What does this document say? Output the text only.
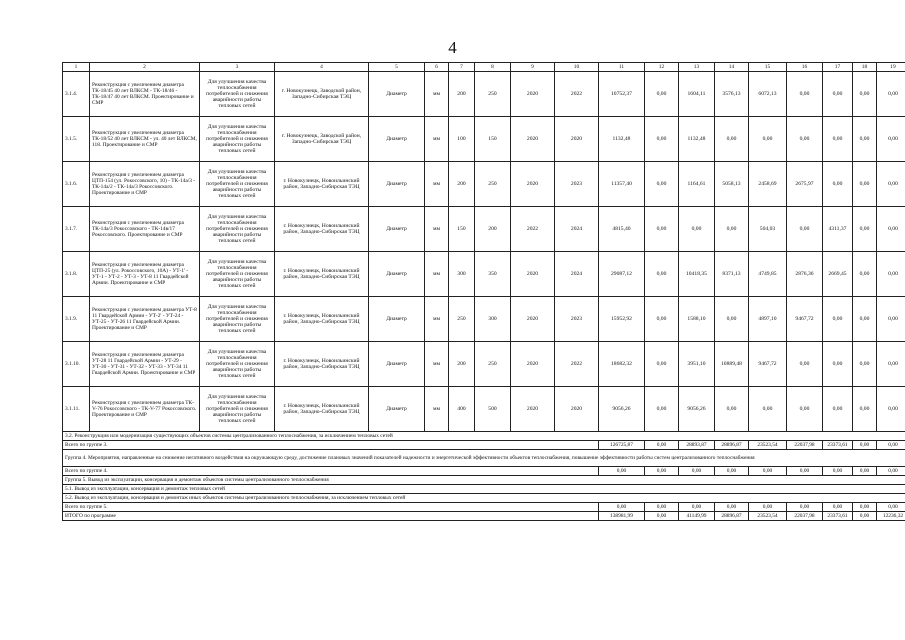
4
1	2	3	4	5	6	7	8	9	10	11	12	13	14	15	16	17	18	19
3.1.4.	Реконструкция с увеличением диаметра ТК-18/45 40 лет ВЛКСМ - ТК-18/46 - ТК-18/47 40 лет ВЛКСМ. Проектирование и СМР	Для улучшения качества теплоснабжения потребителей и снижения аварийности работы тепловых сетей	г. Новокузнецк, Заводской район, Западно-Сибирская ТЭЦ	Диаметр	мм	200	250	2020	2022	10752,37	0,00	1604,11	3576,13	6072,13	0,00	0,00	0,00	0,00
3.1.5.	Реконструкция с увеличением диаметра ТК-18/52 40 лет ВЛКСМ - ул. 40 лет ВЛКСМ, 118. Проектирование и СМР	Для улучшения качества теплоснабжения потребителей и снижения аварийности работы тепловых сетей	г. Новокузнецк, Заводской район, Западно-Сибирская ТЭЦ	Диаметр	мм	100	150	2020	2020	1132,48	0,00	1132,48	0,00	0,00	0,00	0,00	0,00	0,00
3.1.6.	Реконструкция с увеличением диаметра ЦТП-154 (ул. Рокоссовского, 10) - ТК-14а/3 - ТК-14а/2 - ТК-14а/3 Рокоссовского. Проектирование и СМР	Для улучшения качества теплоснабжения потребителей и снижения аварийности работы тепловых сетей	г. Новокузнецк, Новоильинский район, Западно-Сибирская ТЭЦ	Диаметр	мм	200	250	2020	2023	11357,40	0,00	1164,61	5058,13	2458,69	2675,97	0,00	0,00	0,00
3.1.7.	Реконструкция с увеличением диаметра ТК-14а/3 Рокоссовского - ТК-14в/17 Рокоссовского. Проектирование и СМР	Для улучшения качества теплоснабжения потребителей и снижения аварийности работы тепловых сетей	г. Новокузнецк, Новоильинский район, Западно-Сибирская ТЭЦ	Диаметр	мм	150	200	2022	2024	4815,40	0,00	0,00	0,00	504,03	0,00	4311,37	0,00	0,00
3.1.8.	Реконструкция с увеличением диаметра ЦТП-25 (ул. Рокоссовского, 10А) - УТ-1' - УТ-1 - УТ-2 - УТ-3 - УТ-8 11 Гвардейской Армии. Проектирование и СМР	Для улучшения качества теплоснабжения потребителей и снижения аварийности работы тепловых сетей	г. Новокузнецк, Новоильинский район, Западно-Сибирская ТЭЦ	Диаметр	мм	300	350	2020	2024	29087,12	0,00	10418,35	8371,13	4749,85	2876,36	2669,45	0,00	0,00
3.1.9.	Реконструкция с увеличением диаметра УТ-8 11 Гвардейской Армии - УТ-2' - УТ-24 - УТ-25 - УТ-26 11 Гвардейской Армии. Проектирование и СМР	Для улучшения качества теплоснабжения потребителей и снижения аварийности работы тепловых сетей	г. Новокузнецк, Новоильинский район, Западно-Сибирская ТЭЦ	Диаметр	мм	250	300	2020	2023	15952,92	0,00	1588,10	0,00	4897,10	9467,72	0,00	0,00	0,00
3.1.10.	Реконструкция с увеличением диаметра УТ-28 11 Гвардейской Армии - УТ-29 - УТ-30 - УТ-31 - УТ-32 - УТ-33 - УТ-34 11 Гвардейской Армии. Проектирование и СМР	Для улучшения качества теплоснабжения потребителей и снижения аварийности работы тепловых сетей	г. Новокузнецк, Новоильинский район, Западно-Сибирская ТЭЦ	Диаметр	мм	200	250	2020	2022	18682,32	0,00	3951,10	10889,48	9467,72	0,00	0,00	0,00	0,00
3.1.11.	Реконструкция с увеличением диаметра ТК-V-76 Рокоссовского - ТК-V-77 Рокоссовского. Проектирование и СМР	Для улучшения качества теплоснабжения потребителей и снижения аварийности работы тепловых сетей	г. Новокузнецк, Новоильинский район, Западно-Сибирская ТЭЦ	Диаметр	мм	400	500	2020	2020	9056,26	0,00	9056,26	0,00	0,00	0,00	0,00	0,00	0,00
3.2. Реконструкция или модернизация существующих объектов системы централизованного теплоснабжения, за исключением тепловых сетей																		
Всего по группе 3.										126725,87	0,00	28893,87	28896,87	23523,54	22037,98	23373,61	0,00	0,00
Группа 4. Мероприятия, направленные на снижение негативного воздействия на окружающую среду, достижение плановых значений показателей надежности и энергетической эффективности объектов теплоснабжения, повышение эффективности работы систем централизованного теплоснабжения																		
Всего по группе 4.										0,00	0,00	0,00	0,00	0,00	0,00	0,00	0,00	0,00
Группа 5. Вывод из эксплуатации, консервация и демонтаж объектов системы централизованного теплоснабжения																		
5.1. Вывод из эксплуатации, консервация и демонтаж тепловых сетей																		
5.2. Вывод из эксплуатации, консервация и демонтаж иных объектов системы централизованного теплоснабжения, за исключением тепловых сетей																		
Всего по группе 5.										0,00	0,00	0,00	0,00	0,00	0,00	0,00	0,00	0,00
ИТОГО по программе										138981,99	0,00	41149,99	28896,87	23523,54	22037,98	23373,61	0,00	12236,32
